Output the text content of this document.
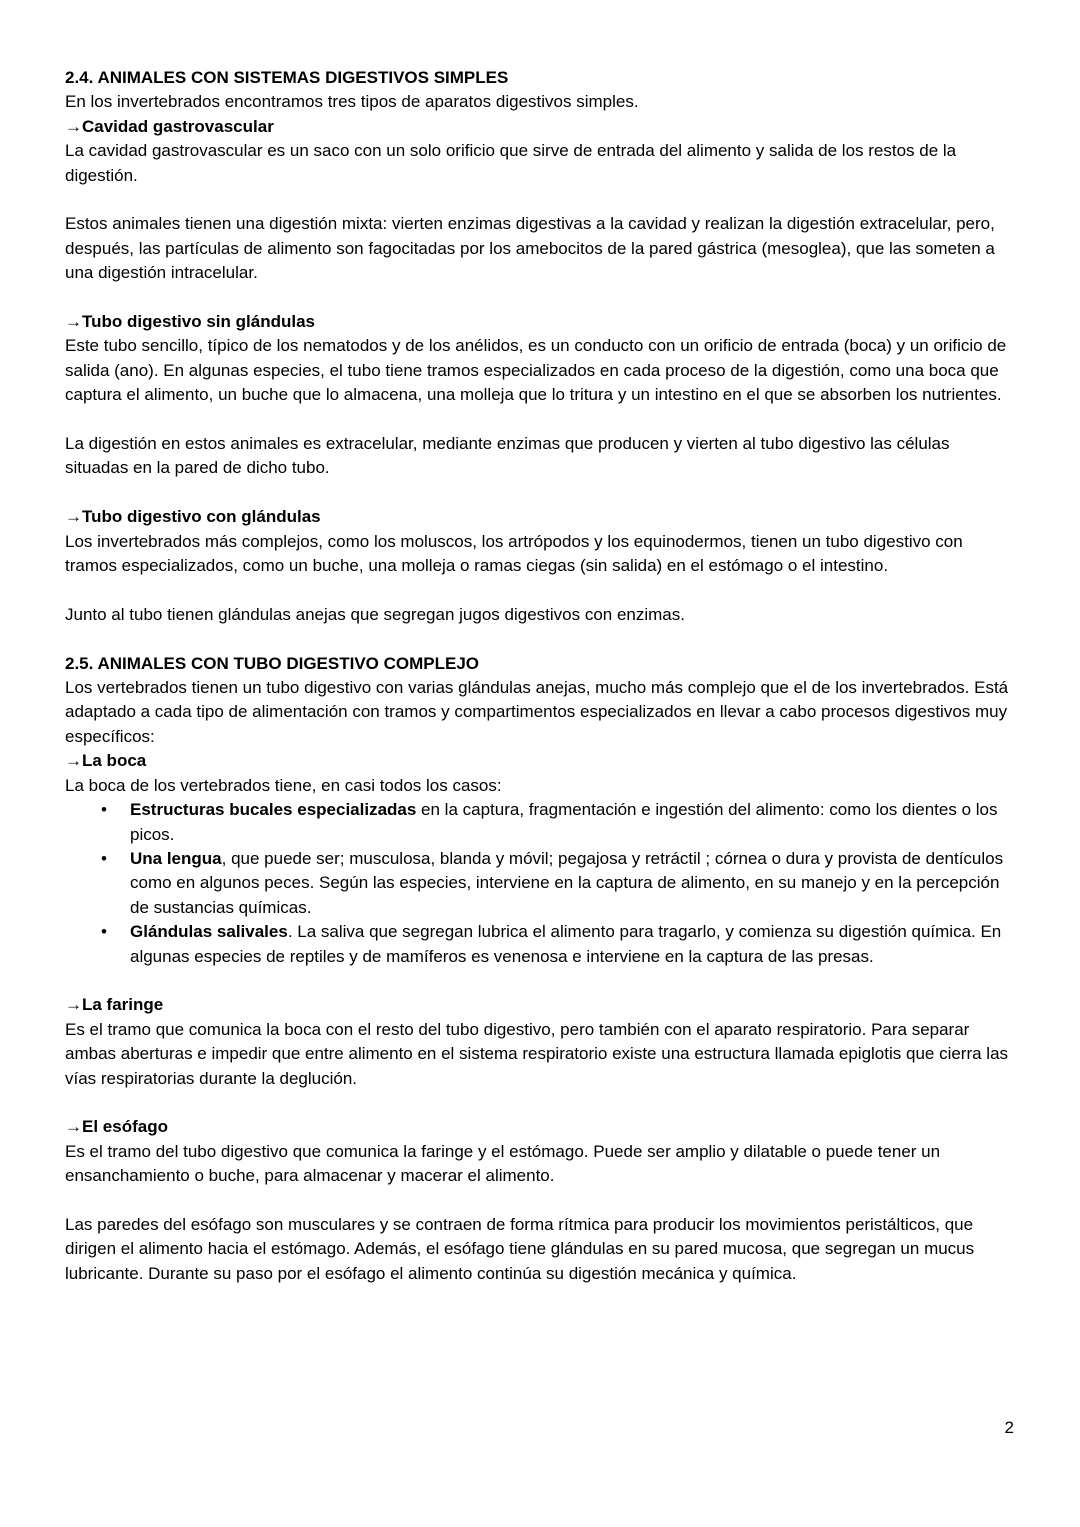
2.4. ANIMALES CON SISTEMAS DIGESTIVOS SIMPLES

En los invertebrados encontramos tres tipos de aparatos digestivos simples.

→Cavidad gastrovascular

La cavidad gastrovascular es un saco con un solo orificio que sirve de entrada del alimento y salida de los restos de la digestión.

Estos animales tienen una digestión mixta: vierten enzimas digestivas a la cavidad y realizan la digestión extracelular, pero, después, las partículas de alimento son fagocitadas por los amebocitos de la pared gástrica (mesoglea), que las someten a una digestión intracelular.

→Tubo digestivo sin glándulas

Este tubo sencillo, típico de los nematodos y de los anélidos, es un conducto con un orificio de entrada (boca) y un orificio de salida (ano). En algunas especies, el tubo tiene tramos especializados en cada proceso de la digestión, como una boca que captura el alimento, un buche que lo almacena, una molleja que lo tritura y un intestino en el que se absorben los nutrientes.

La digestión en estos animales es extracelular, mediante enzimas que producen y vierten al tubo digestivo las células situadas en la pared de dicho tubo.

→Tubo digestivo con glándulas

Los invertebrados más complejos, como los moluscos, los artrópodos y los equinodermos, tienen un tubo digestivo con tramos especializados, como un buche, una molleja o ramas ciegas (sin salida) en el estómago o el intestino.

Junto al tubo tienen glándulas anejas que segregan jugos digestivos con enzimas.

2.5. ANIMALES CON TUBO DIGESTIVO COMPLEJO

Los vertebrados tienen un tubo digestivo con varias glándulas anejas, mucho más complejo que el de los invertebrados. Está adaptado a cada tipo de alimentación con tramos y compartimentos especializados en llevar a cabo procesos digestivos muy específicos:

→La boca

La boca de los vertebrados tiene, en casi todos los casos:

• Estructuras bucales especializadas en la captura, fragmentación e ingestión del alimento: como los dientes o los picos.
• Una lengua, que puede ser; musculosa, blanda y móvil; pegajosa y retráctil ; córnea o dura y provista de dentículos como en algunos peces. Según las especies, interviene en la captura de alimento, en su manejo y en la percepción de sustancias químicas.
• Glándulas salivales. La saliva que segregan lubrica el alimento para tragarlo, y comienza su digestión química. En algunas especies de reptiles y de mamíferos es venenosa e interviene en la captura de las presas.

→La faringe

Es el tramo que comunica la boca con el resto del tubo digestivo, pero también con el aparato respiratorio. Para separar ambas aberturas e impedir que entre alimento en el sistema respiratorio existe una estructura llamada epiglotis que cierra las vías respiratorias durante la deglución.

→El esófago

Es el tramo del tubo digestivo que comunica la faringe y el estómago. Puede ser amplio y dilatable o puede tener un ensanchamiento o buche, para almacenar y macerar el alimento.

Las paredes del esófago son musculares y se contraen de forma rítmica para producir los movimientos peristálticos, que dirigen el alimento hacia el estómago. Además, el esófago tiene glándulas en su pared mucosa, que segregan un mucus lubricante. Durante su paso por el esófago el alimento continúa su digestión mecánica y química.

2
